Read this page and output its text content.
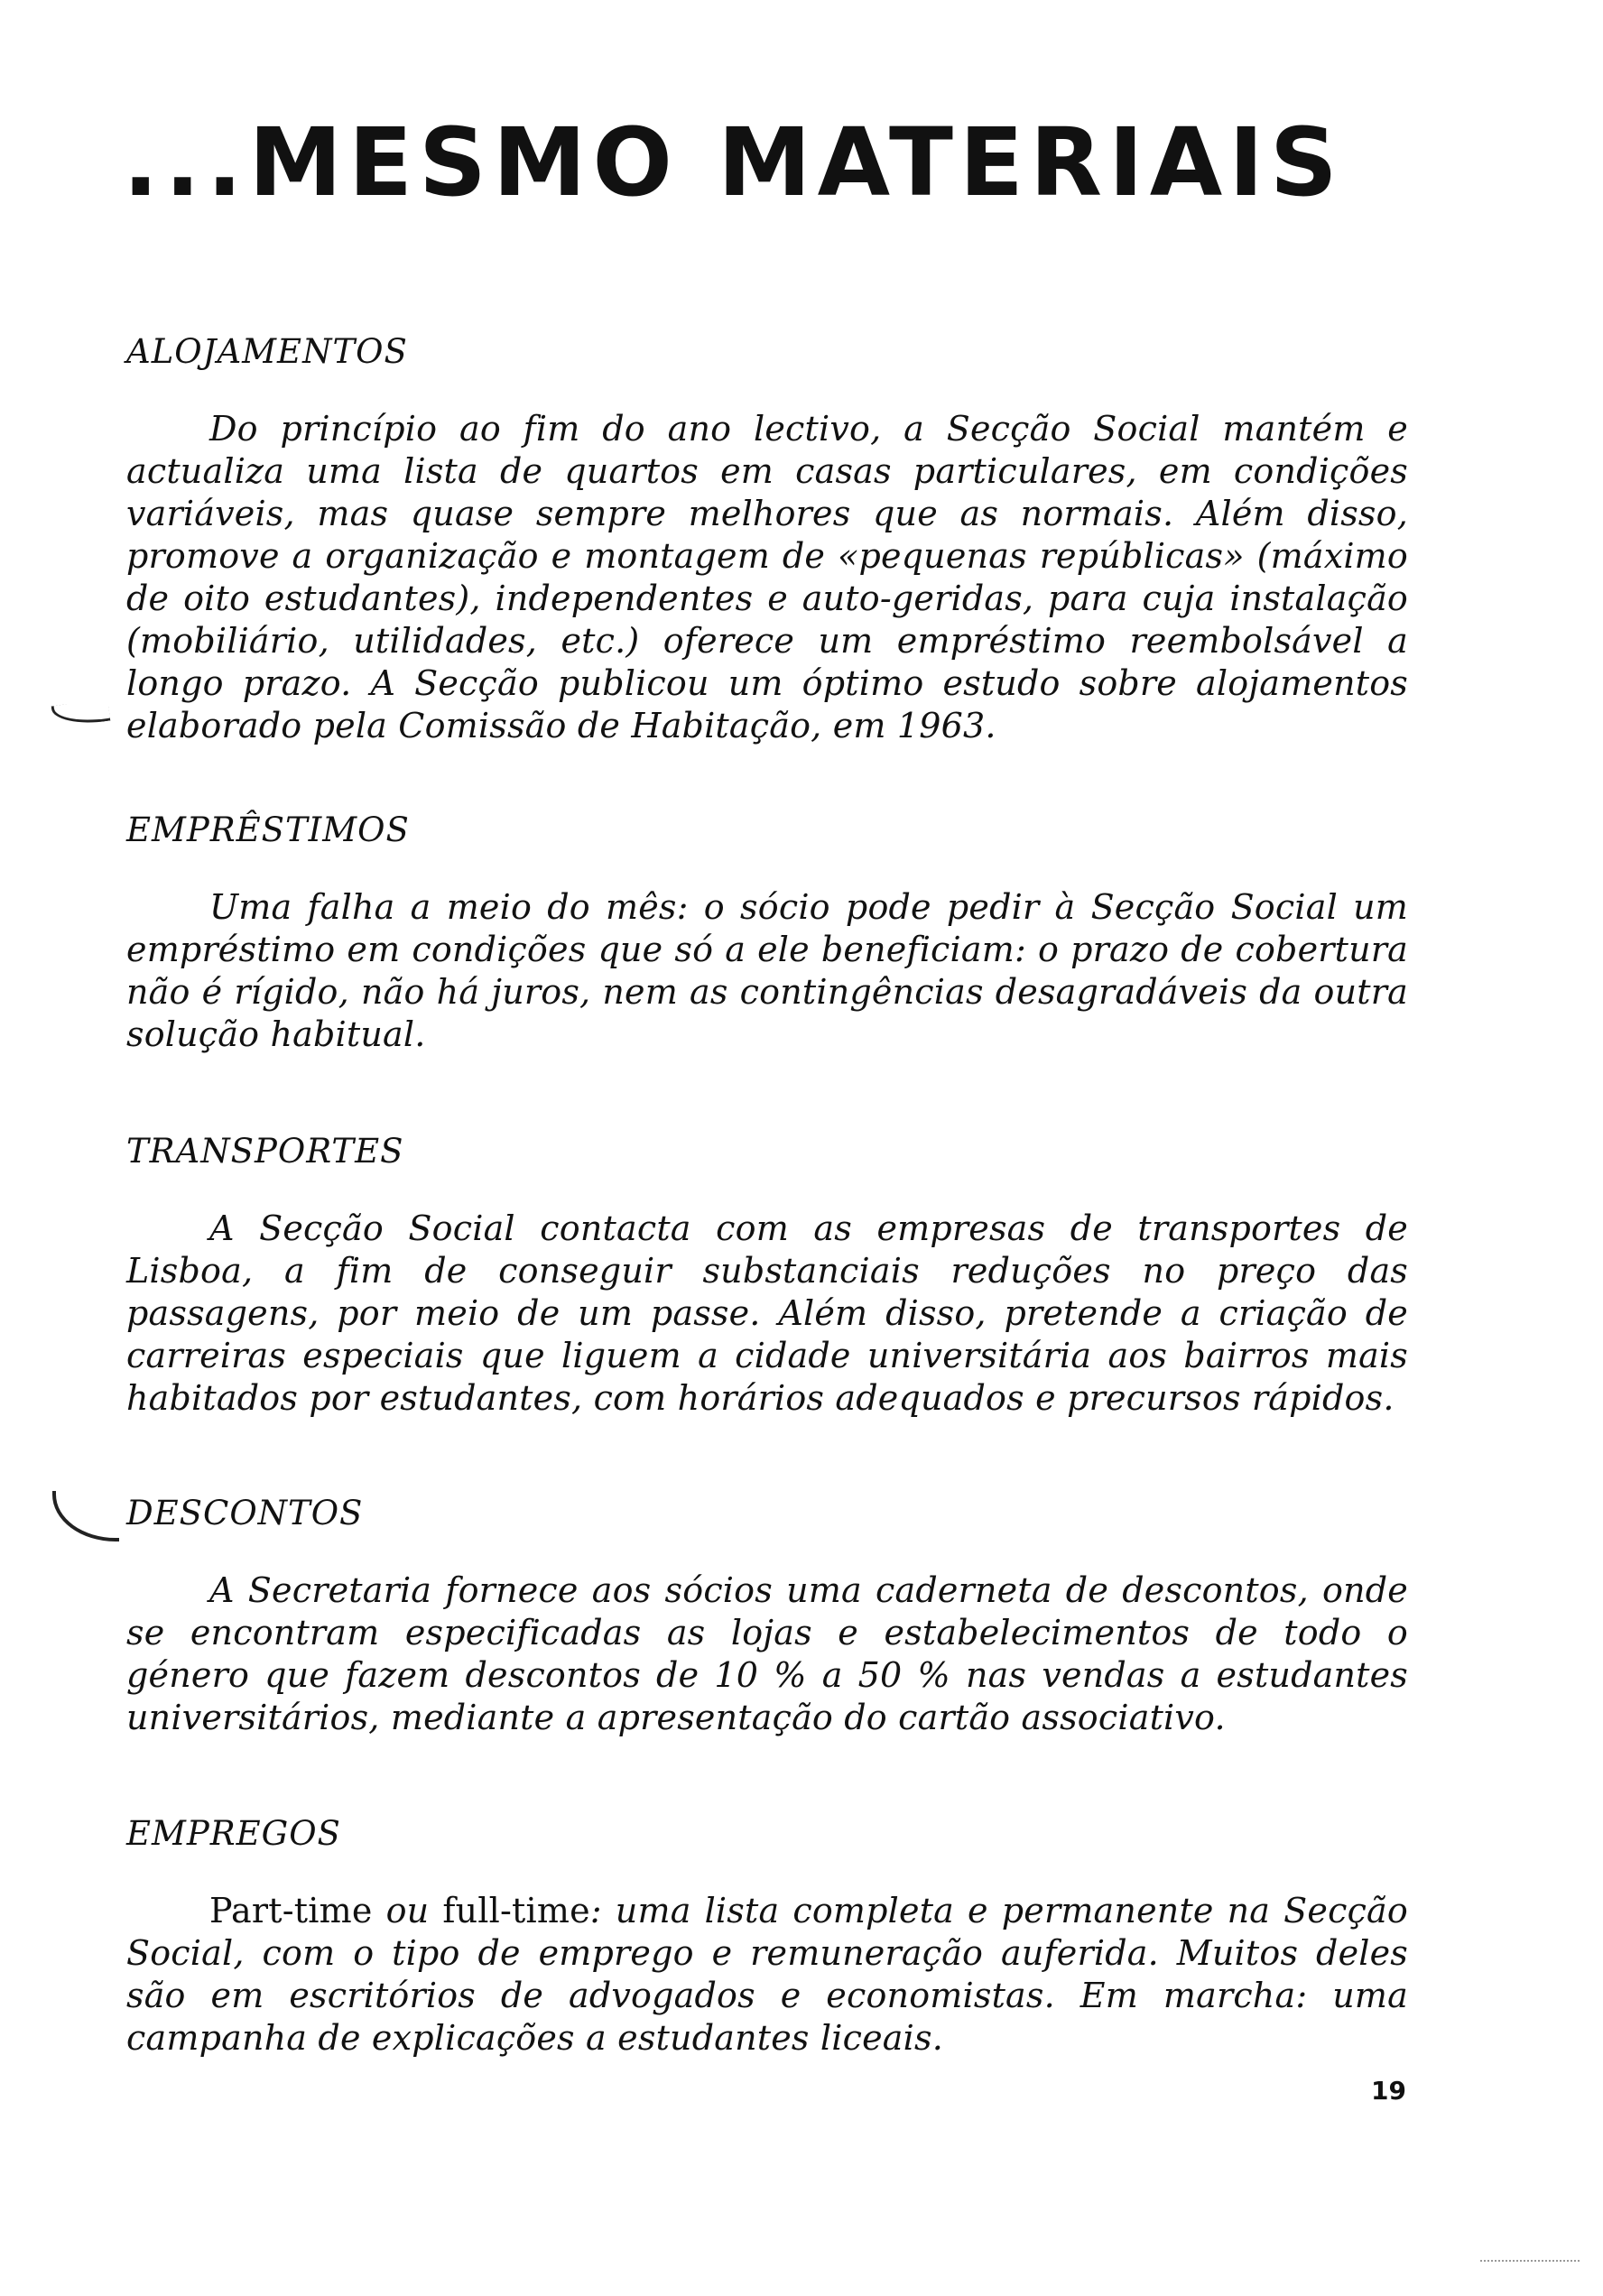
...MESMO MATERIAIS
ALOJAMENTOS

Do princípio ao fim do ano lectivo, a Secção Social mantém e actualiza uma lista de quartos em casas particulares, em condições variáveis, mas quase sempre melhores que as normais. Além disso, promove a organização e montagem de «pequenas repúblicas» (máximo de oito estudantes), independentes e auto-geridas, para cuja instalação (mobiliário, utilidades, etc.) oferece um empréstimo reembolsável a longo prazo. A Secção publicou um óptimo estudo sobre alojamentos elaborado pela Comissão de Habitação, em 1963.

EMPRÊSTIMOS

Uma falha a meio do mês: o sócio pode pedir à Secção Social um empréstimo em condições que só a ele beneficiam: o prazo de cobertura não é rígido, não há juros, nem as contingências desagradáveis da outra solução habitual.

TRANSPORTES

A Secção Social contacta com as empresas de transportes de Lisboa, a fim de conseguir substanciais reduções no preço das passagens, por meio de um passe. Além disso, pretende a criação de carreiras especiais que liguem a cidade universitária aos bairros mais habitados por estudantes, com horários adequados e precursos rápidos.

DESCONTOS

A Secretaria fornece aos sócios uma caderneta de descontos, onde se encontram especificadas as lojas e estabelecimentos de todo o género que fazem descontos de 10 % a 50 % nas vendas a estudantes universitários, mediante a apresentação do cartão associativo.

EMPREGOS

Part-time ou full-time: uma lista completa e permanente na Secção Social, com o tipo de emprego e remuneração auferida. Muitos deles são em escritórios de advogados e economistas. Em marcha: uma campanha de explicações a estudantes liceais.

19
